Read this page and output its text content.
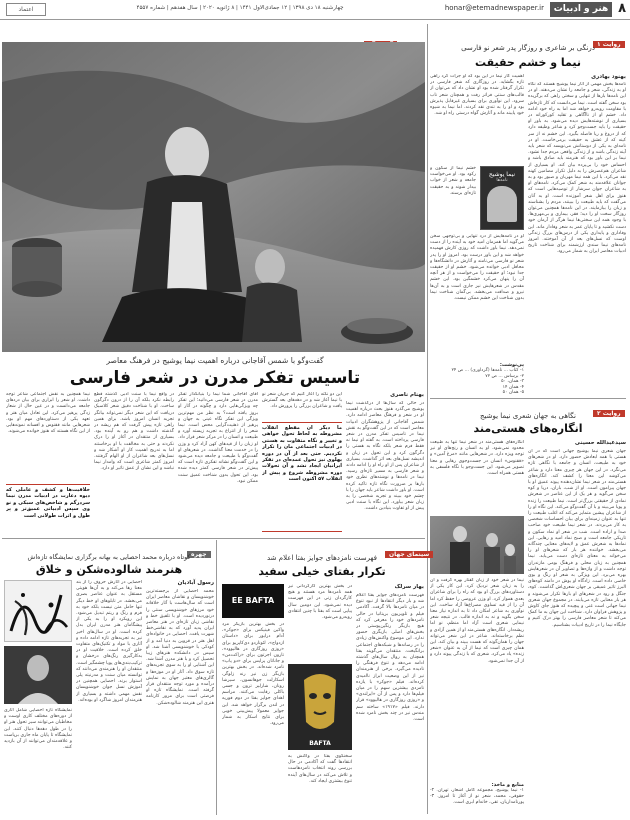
اعتماد	چهارشنبه ۱۸ دی ۱۳۹۸ | ۱۲ جمادی‌الاول ۱۴۴۱ | ۸ ژانویه ۲۰۲۰ | سال هفدهم | شماره ۴۵۵۷	honar@etemadnewspaper.ir	هنر و ادبیات ۸
گفت‌وگو با شمس آقاجانی درباره اهمیت نیما یوشیج در فرهنگ معاصر
تاسیس تفکر مدرن در شعر فارسی
بهنام ناصری
در حالی که سال‌ها از درگذشت نیما یوشیج می‌گذرد هنوز بحث درباره اهمیت او در شعر و فرهنگ معاصر ادامه دارد. شمس آقاجانی از پژوهشگران ادبیات معاصر است که در این گفت‌وگو به نقش نیما در تاسیس تفکر مدرن در شعر فارسی پرداخته است. به گفته او نیما نه فقط فرم شعر بلکه نگاه به هستی را دگرگون کرد و این تحول در زبان و اندیشه نسل‌های بعد اثر گذاشت. بسیاری از شاعران پس از او راه او را ادامه دادند و شعر فارسی به مسیر تازه‌ای رسید. نیما در نامه‌ها و نوشته‌های نظری خود بارها بر ضرورت نگاه تازه تاکید کرده است. او باور داشت شاعر باید جهان را با چشم خود ببیند و تجربه شخصی را به زبان شعر بیاورد. این نگاه با سنت ادبی پیش از او تفاوت بنیادین داشت.
این دو نکته را آغاز کنیم که جریان شعر نو با نیما آغاز شد و در دهه‌های بعد گسترش یافت و شاعران بزرگی را پرورش داد.
ما دیگر آن مقطع انقلاب مشروطه به لحاظ تحول خواهی و تغییر و نگاه متفاوت به هستی در ادبیات اجتماعی مان را تکرار نکردیم. حتی بعد از آن در دوره پهلوی نیز تحول عمده‌ای در تفکر ایرانیان ایجاد نشد و آن تحولات دوره مشروطه شروع و پیش از انقلاب ۵۷ اکنون است
آقای آقاجانی شما نیما را بنیانگذار تفکر مدرن در شعر فارسی می‌دانید؛ این تفکر چه ویژگی‌هایی دارد و چگونه در آثار او بروز یافته است؟ به نظر من مهم‌ترین ویژگی این تفکر نگاه عینی به جهان و پرهیز از ذهنیت‌گرایی محض است. نیما شعر را از انتزاع به تجربه زیسته آورد و طبیعت و انسان را در مرکز شعر قرار داد. او زبان را از قیدهای کهن آزاد کرد و وزن را در خدمت معنا گذاشت. در شعرهای او گفت‌وگو با طبیعت و جامعه دیده می‌شود و این گفت‌وگو نشانه تفکری تازه است که پیش‌تر در شعر فارسی کمتر دیده شده بود. این تحول بدون شناخت عمیق سنت ممکن نبود.
در واقع نیما با سنت ادبی گذشته قطع رابطه نکرد بلکه آن را از درون دگرگون ساخت. او با شناخت دقیق شعر کلاسیک دریافت که این شعر دیگر نمی‌تواند بیانگر تجربه انسان امروز باشد. برای همین راهی تازه پیش گرفت که هم ریشه در گذشته داشت و هم رو به آینده بود. بسیاری از منتقدان در آغاز او را درک نکردند و حتی به مخالفت با او برخاستند اما به تدریج اهمیت کار او آشکار شد و نسل‌های بعد شاعران از او الهام گرفتند. امروز کمتر شاعری است که وامدار نیما نباشد و این نشان از عمق تاثیر او دارد.
نیما همچنین به نقش اجتماعی شاعر توجه داشت. او شعر را ابزاری برای بیان دردهای جامعه می‌دانست و در عین حال از شعار زدگی پرهیز می‌کرد. این تعادل میان هنر و تعهد یکی از دستاوردهای مهم او بود. شعرهایی مانند ققنوس و افسانه نمونه‌هایی از این نگاه هستند که هنوز خوانده می‌شوند.
خلاقیت‌ها و کشف و عاملی که دیوه دعارت در ادبیات مدرن نیما سردرگم و شاخص‌های سبکی و نو وی سپس ادبیاتی عمیق‌تر و پر طول و اثرات طولانی است
روایت ۱
درنگی بر شاعری و روزگار پدر شعر نو فارسی
نیما و خشم حقیقت
بهنود بهادری
نامه‌ها بخش مهمی از آثار نیما یوشیج هستند که نگاه او به زندگی، شعر و جامعه را نشان می‌دهند. او در این نامه‌ها بارها از تنهایی و سختی راهی که برگزیده بود سخن گفته است. نیما می‌دانست که کار تازه‌اش با مقاومت روبه‌رو خواهد شد اما به راه خود ادامه داد. خشم او از ناآگاهی و تقلید کورکورانه در بسیاری از نوشته‌هایش دیده می‌شود. به باور او حقیقت را باید جست‌وجو کرد و شاعر وظیفه دارد که از دروغ و ریا فاصله بگیرد. این خشم نه از سر کینه که از عشق به حقیقت برمی‌خاست. او در نامه‌ای به یکی از دوستانش می‌نویسد که شعر باید آینه زندگی باشد و از زندگی واقعی مردم جدا نشود. نیما بر این باور بود که هنرمند باید صادق باشد و احساس خود را بی‌پرده بیان کند. او بسیاری از شاعران هم‌عصرش را به دلیل تکرار مضامین کهنه نقد می‌کرد. با این همه نیما مهربان و صبور بود و به جوانان علاقه‌مند به شعر کمک می‌کرد. نامه‌های او به شاعران جوان سرشار از توصیه‌هایی است که هنوز برای اهل شعر آموزنده است. او به آنان می‌گفت که باید طبیعت را ببینند، مردم را بشناسند و زبان را بیازمایند. در این نامه‌ها همچنین می‌توان روزگار سخت او را دید؛ فقر، بیماری و بی‌مهری‌ها. با وجود همه این سختی‌ها نیما هرگز از آرمان خود دست نکشید و تا پایان عمر به شعر وفادار ماند. این وفاداری و پایداری یکی از درس‌های بزرگ زندگی اوست که نسل‌های بعد از آن آموختند. امروز نامه‌های نیما سندی ارزشمند برای شناخت تاریخ ادبیات معاصر ایران به شمار می‌رود.
اهمیت کار نیما در این بود که او جرأت کرد راهی تازه بگشاید. در روزگاری که شعر فارسی در تکرار گرفتار شده بود او نشان داد که می‌توان از قالب‌های سنتی فراتر رفت و همچنان شعر ناب سرود. این نوآوری برای بسیاری غیرقابل پذیرش بود و او را به تندی نقد کردند. اما نیما به شیوه خود پایبند ماند و آثارش گواه درستی راه او شد.
نیما یوشیج
نامه‌ها
خشم نیما از سکون و رکود بود. او می‌خواست جامعه و شعر از خواب بیدار شوند و به حقیقت تازه‌ای برسند.
او در نامه‌هایش از درد تنهایی و بی‌توجهی سخن می‌گوید اما همزمان امید خود به آینده را از دست نمی‌دهد. نیما باور داشت که روزی کارش فهمیده خواهد شد و این باور درست بود. امروز او را پدر شعر نو فارسی می‌نامند و آثارش در دانشگاه‌ها و محافل ادبی خوانده می‌شود. خشم او از حقیقت جدا نبود؛ او حقیقت را می‌خواست و از هر آنچه آن را پنهان می‌کرد خشمگین بود. این خشم مقدس در شعرهایش نیز جاری است و به آن‌ها نیرو و صداقت می‌بخشد. بی‌گمان شناخت نیما بدون شناخت این خشم ممکن نیست.
پی‌نوشت:
۱- کتاب ... نامه‌ها (گرداوری) ... ص ۲۴
۲- برساس ... ص ۷۲
۳- همان، ۵۰
۴- همان ۱۴
۵- همان ۵۰
روایت ۲
نگاهی به جهان شعری نیما یوشیج
انگاره‌های هستی‌مند
سیدعبدالله حسینی
جهان شعری نیما یوشیج جهانی است که در آن هستی با همه ابعادش حضور دارد. او در شعرهای خود به طبیعت، انسان و جامعه با نگاهی تازه می‌نگرد. در این جهان هر چیزی معنا دارد و شاعر می‌کوشد این معنا را کشف کند. انگاره‌های هستی‌مند در شعر نیما نشان‌دهنده پیوند عمیق او با جهان پیرامون است. او از شب، باران، دریا و کوه سخن می‌گوید و هر یک از این عناصر در شعرش نمادی از حقیقتی بزرگ‌تر است. نیما طبیعت را زنده و پویا می‌بیند و با آن گفت‌وگو می‌کند. این نگاه او را از شاعران پیشین متمایز می‌کند که اغلب طبیعت را تنها به عنوان زمینه‌ای برای بیان احساسات شخصی به کار می‌بردند. در شعر نیما طبیعت خود صاحب صدا و اراده است. شب در شعر او نماد سکون و تاریکی جامعه است و صبح نماد امید و رهایی. این نمادها به شعرش عمق و لایه‌های معنایی چندگانه می‌بخشد. خواننده هر بار که شعرهای او را می‌خواند به معنای تازه‌ای دست می‌یابد. نیما همچنین به زبان محلی و فرهنگ بومی مازندران توجه داشت و از واژه‌ها و تصاویر آن در شعرهایش بهره می‌برد. این ویژگی به شعر او رنگ و بوی خاصی داده است. زادگاه او یوش در دامنه کوه‌های البرز تاثیر عمیقی بر جهان شعری‌اش گذاشت. کوه، جنگل و رود در شعرهای او بارها تکرار می‌شوند و هر بار معنایی تازه می‌یابند. در مجموع جهان شعری نیما جهانی است غنی و پیچیده که هنوز جای کاوش و پژوهش فراوان دارد. شناخت این جهان به ما کمک می‌کند تا شعر معاصر فارسی را بهتر درک کنیم و جایگاه نیما را در تاریخ ادبیات بشناسیم.
انگاره‌های هستی‌مند در شعر نیما تنها به طبیعت محدود نمی‌شود. او به انسان و رنج‌های او نیز توجه ویژه دارد. در شعرهایی مانند «مرغ آمین» و «ققنوس» انسان در جست‌وجوی رهایی و معنا تصویر می‌شود. این جست‌وجو با نگاه فلسفی به هستی همراه است.
نیما در شعر خود از زبان گفتار بهره گرفت و آن را به زبان شعر نزدیک کرد. این کار یکی از دستاوردهای بزرگ او بود که راه را برای شاعران بعدی هموار کرد. او وزن عروضی را حفظ کرد اما آن را از قید تساوی مصراع‌ها آزاد ساخت. این نوآوری به شاعر امکان داد تا به اندازه نیاز معنا سخن بگوید و نه به اندازه قالب. در نتیجه شعر نیمایی شعری است آزاد اما منظم، نو اما ریشه‌دار. انگاره‌های هستی‌مند او از همین آزادی و نظم برخاسته‌اند. شاعر در این شعر می‌تواند جهان را همان‌گونه که هست ببیند و بیان کند. این همان چیزی است که نیما از آن به عنوان «شعر زنده» یاد می‌کرد. شعری که با زندگی پیوند دارد و از آن جدا نمی‌شود.
منابع و ماخذ:
۱- نیما یوشیج، مجموعه کامل اشعار، تهران. ۲- حقوقی، محمد، شعر نو از آغاز تا امروز. ۳- پورنامداریان، تقی، خانه‌ام ابری است.
سینمای جهان
فهرست نامزدهای جوایز بفتا اعلام شد
تکرار بفتای خیلی سفید
بهار سرلک
فهرست نامزدهای جوایز بفتا اعلام شد و بار دیگر انتقادها از نبود تنوع در میان نامزدها بالا گرفت. آکادمی فیلم و تلویزیون بریتانیا در حالی نامزدهای خود را معرفی کرد که هیچ بازیگر رنگین‌پوستی در بخش‌های اصلی بازیگری حضور ندارد. این موضوع واکنش‌های زیادی را در رسانه‌ها و شبکه‌های اجتماعی برانگیخت. منتقدان می‌گویند بفتا همچنان به روال سال‌های گذشته ادامه می‌دهد و تنوع فرهنگی را نادیده می‌گیرد. برخی از هنرمندان نیز از این وضعیت ابراز ناامیدی کرده‌اند. فیلم «جوکر» با یازده نامزدی بیشترین سهم را در میان فیلم‌ها دارد و پس از آن «ایرلندی» و «روزی روزگاری در هالیوود» قرار دارند. فیلم «۱۹۱۷» ساخته سم مندس نیز در چند بخش نامزد شده است.
در بخش بهترین کارگردانی نیز همه نامزدها مرد هستند و هیچ کارگردان زنی در این فهرست دیده نمی‌شود. این دومین سال پیاپی است که بفتا با چنین انتقادی روبه‌رو می‌شود.
BAFTA
EE BAFTA
در بخش بهترین بازیگر مرد واکین فینیکس برای «جوکر»، آدام درایور برای «داستان ازدواج»، لئوناردو دی‌کاپریو برای «روزی روزگاری در هالیوود»، تارون اجرتون برای «راکت‌من» و جاناتان پرایس برای «دو پاپ» نامزد شده‌اند. در بخش بهترین بازیگر زن نیز رنه زلوگر، اسکارلت جوهانسون، سیرشا رونان، شارلیز ترون و جسی باکلی رقابت می‌کنند. مراسم اهدای جوایز بفتا در دوم فوریه در لندن برگزار خواهد شد. این جوایز معمولا پیش‌بینی خوبی برای نتایج اسکار به شمار می‌رود.
سخنگوی بفتا در واکنش به انتقادها گفت که آکادمی در حال بررسی روند انتخاب نامزدهاست و تلاش می‌کند در سال‌های آینده تنوع بیشتری ایجاد کند.
چهره
کوتاه درباره محمد احصایی به بهانه برگزاری نمایشگاه تازه‌اش
هنرمند شالوده‌شکن و خلاق
رسول آبادیان
محمد احصایی از برجسته‌ترین خوشنویسان و نقاشان معاصر ایران است که سال‌هاست با آثار خلاقانه خود مرزهای خوشنویسی سنتی را درنوردیده است. او با تلفیق خط و نقاشی زبان تازه‌ای در هنر معاصر ایران پدید آورد که به نقاشی‌خط شهرت یافت. احصایی در خانواده‌ای اهل هنر در قزوین به دنیا آمد و از کودکی با خوشنویسی آشنا شد. او سپس در دانشکده هنرهای زیبا تحصیل کرد و با هنر مدرن آشنا شد. این آشنایی او را به سوی تجربه‌های تازه سوق داد. آثار او در موزه‌ها و گالری‌های معتبر جهان به نمایش درآمده و مورد توجه منتقدان قرار گرفته است. نمایشگاه تازه او فرصتی است برای مرور کارنامه هنری این هنرمند شالوده‌شکن.
احصایی در آثارش حروف را از بند معنا رها می‌کند و به آن‌ها هویتی مستقل به عنوان عناصر بصری می‌بخشد. در تابلوهای او خط دیگر تنها حامل متن نیست بلکه خود به فرم و رنگ و ریتم تبدیل می‌شود. این رویکرد او را به یکی از پیشگامان هنر مدرن ایران بدل کرده است. او در سال‌های اخیر نیز به تجربه‌های تازه ادامه داده و آثاری با مواد و تکنیک‌های متفاوت خلق کرده است. خلاقیت او در به‌کارگیری رنگ‌های درخشان و ترکیب‌بندی‌های پویا چشمگیر است. منتقدان او را هنرمندی می‌دانند که توانسته میان سنت و مدرنیته پلی استوار بزند. احصایی همچنین در آموزش نسل جوان خوشنویسان نقش مهمی داشته و بسیاری از هنرمندان امروز شاگرد او بوده‌اند.
نمایشگاه تازه احصایی شامل آثاری از دوره‌های مختلف کاری اوست و مخاطبان می‌توانند سیر تحول هنر او را در طول دهه‌ها دنبال کنند. این نمایشگاه تا پایان ماه جاری برپاست و علاقه‌مندان می‌توانند از آن بازدید کنند.
